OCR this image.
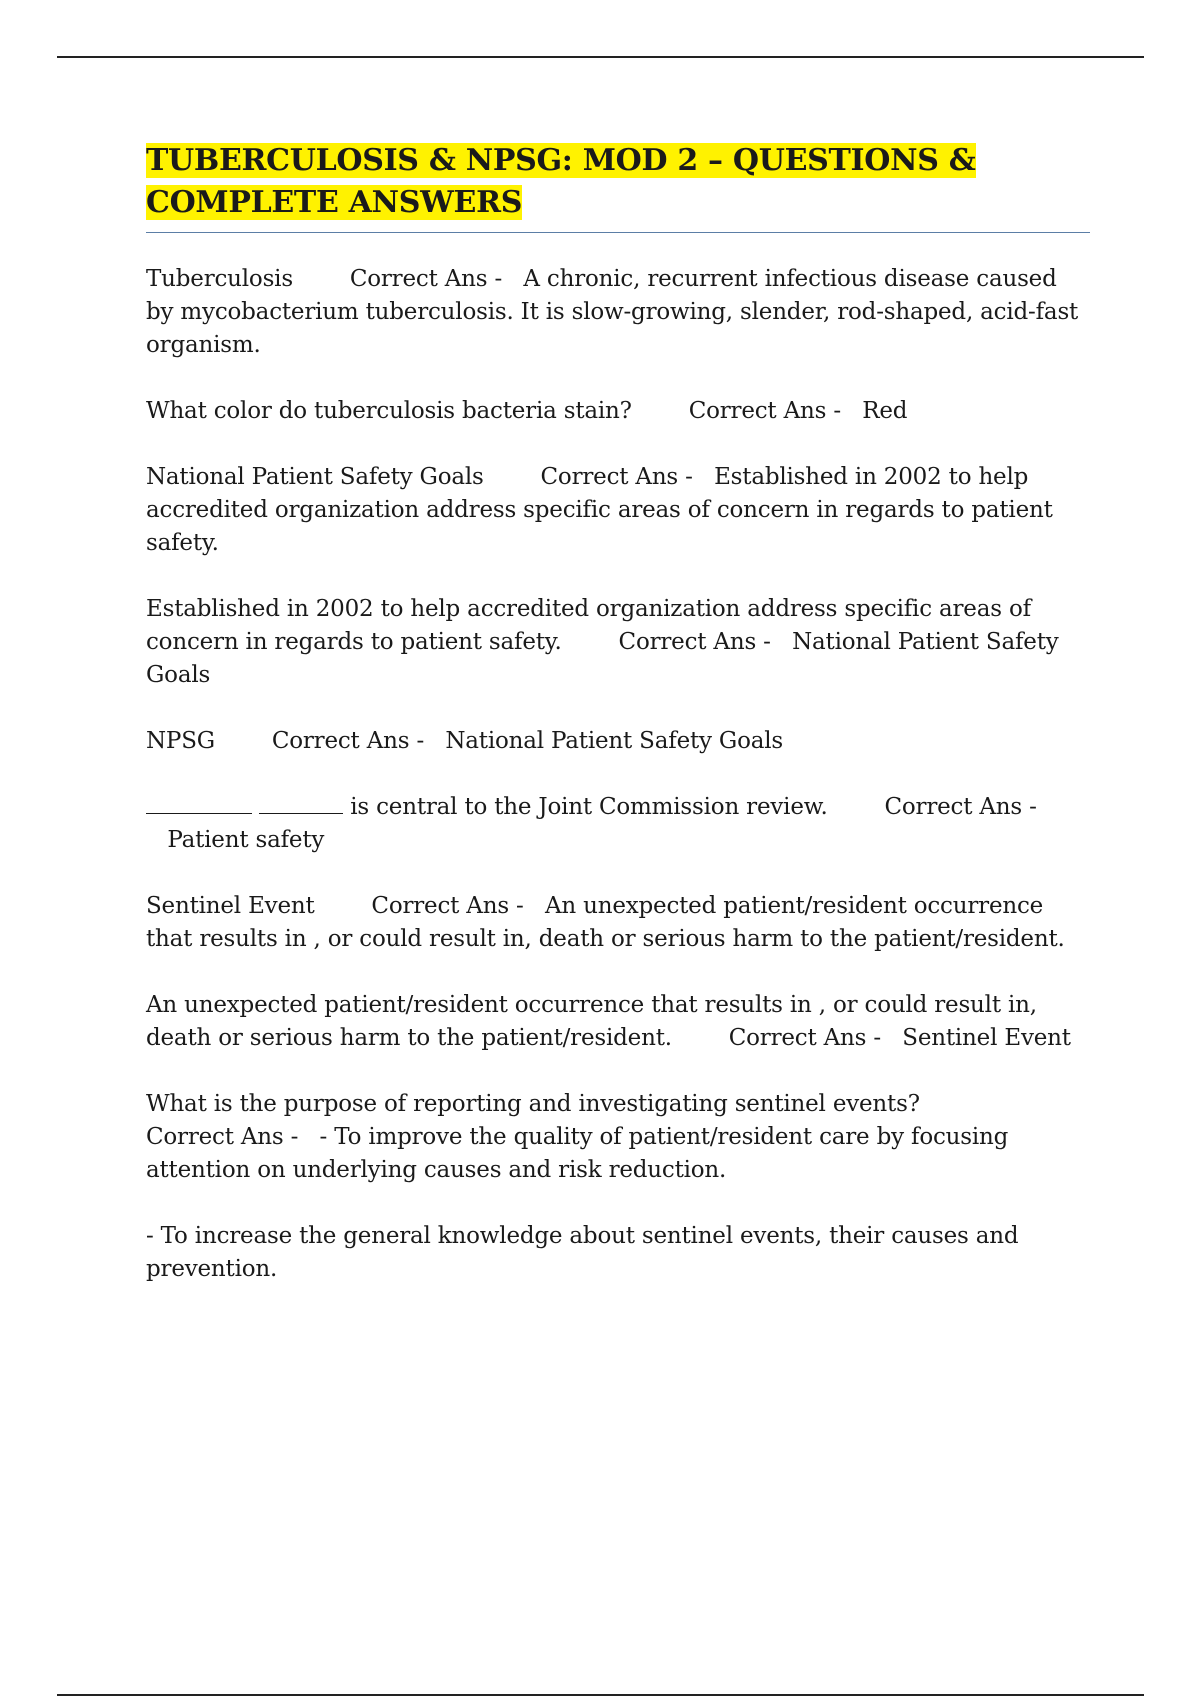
TUBERCULOSIS & NPSG: MOD 2 – QUESTIONS & COMPLETE ANSWERS

Tuberculosis Correct Ans - A chronic, recurrent infectious disease caused by mycobacterium tuberculosis. It is slow-growing, slender, rod-shaped, acid-fast organism.

What color do tuberculosis bacteria stain? Correct Ans - Red

National Patient Safety Goals Correct Ans - Established in 2002 to help accredited organization address specific areas of concern in regards to patient safety.

Established in 2002 to help accredited organization address specific areas of concern in regards to patient safety. Correct Ans - National Patient Safety Goals

NPSG Correct Ans - National Patient Safety Goals

is central to the Joint Commission review. Correct Ans -   Patient safety

Sentinel Event Correct Ans - An unexpected patient/resident occurrence that results in , or could result in, death or serious harm to the patient/resident.

An unexpected patient/resident occurrence that results in , or could result in, death or serious harm to the patient/resident. Correct Ans - Sentinel Event

What is the purpose of reporting and investigating sentinel events?
Correct Ans - - To improve the quality of patient/resident care by focusing attention on underlying causes and risk reduction.

- To increase the general knowledge about sentinel events, their causes and prevention.
